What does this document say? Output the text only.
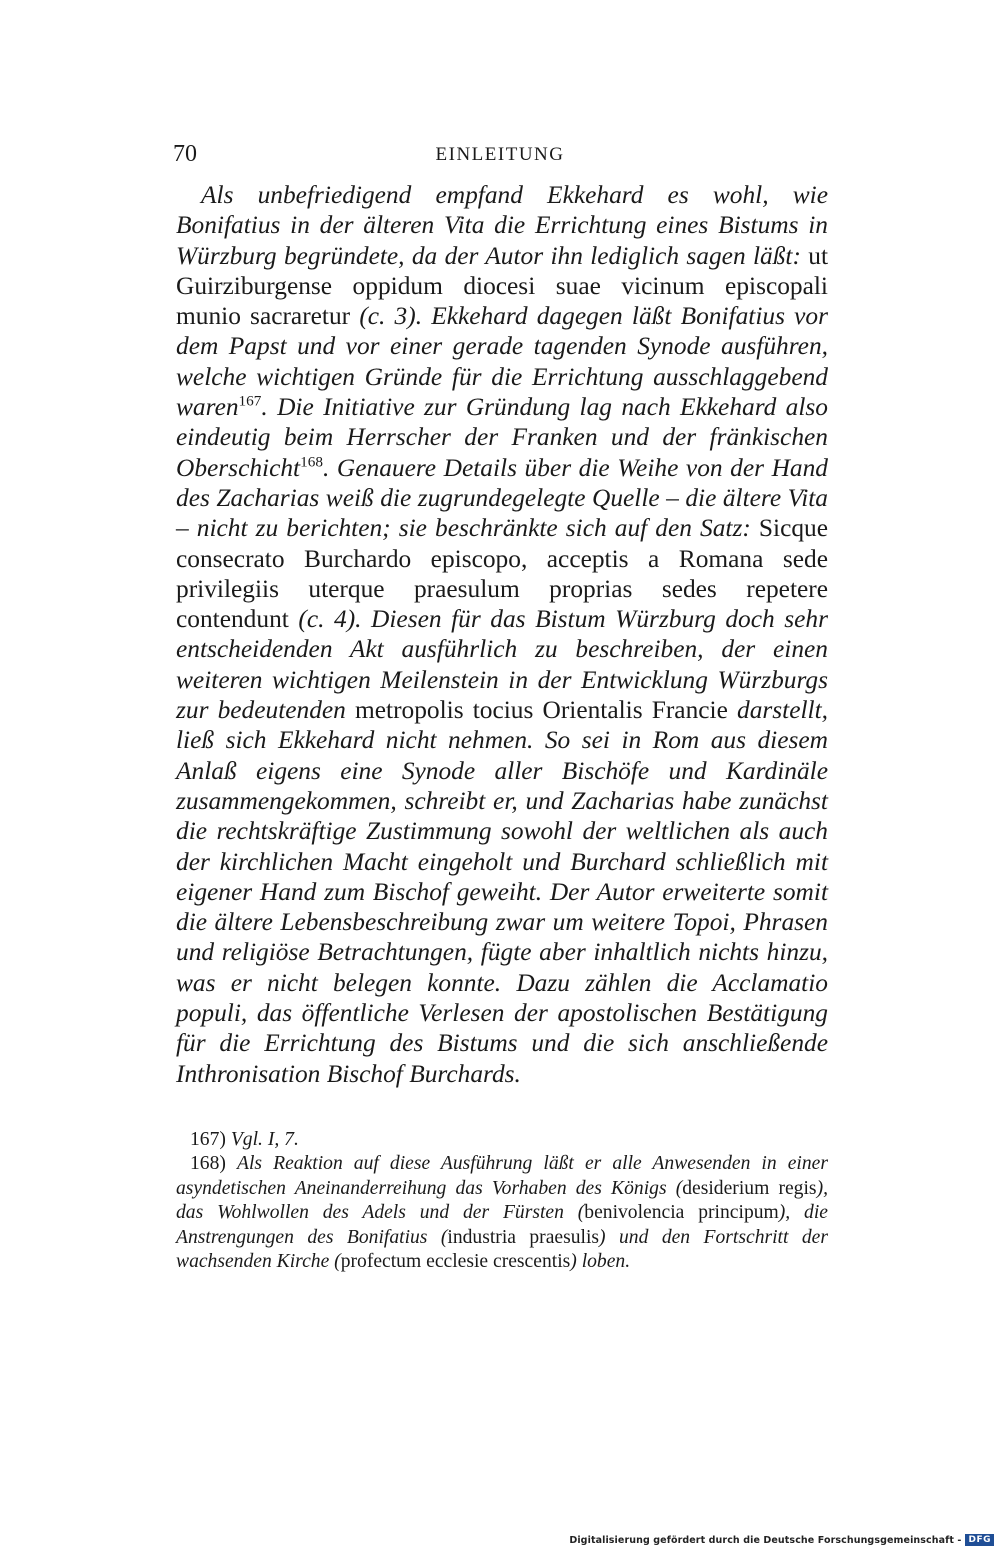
70	EINLEITUNG

Als unbefriedigend empfand Ekkehard es wohl, wie Bonifatius in der älteren Vita die Errichtung eines Bistums in Würzburg begründete, da der Autor ihn lediglich sagen läßt: ut Guirziburgense oppidum diocesi suae vicinum episcopali munio sacraretur (c. 3). Ekkehard dagegen läßt Bonifatius vor dem Papst und vor einer gerade tagenden Synode ausführen, welche wichtigen Gründe für die Errichtung ausschlaggebend waren$^{167}$. Die Initiative zur Gründung lag nach Ekkehard also eindeutig beim Herrscher der Franken und der fränkischen Oberschicht$^{168}$. Genauere Details über die Weihe von der Hand des Zacharias weiß die zugrundegelegte Quelle – die ältere Vita – nicht zu berichten; sie beschränkte sich auf den Satz: Sicque consecrato Burchardo episcopo, acceptis a Romana sede privilegiis uterque praesulum proprias sedes repetere contendunt (c. 4). Diesen für das Bistum Würzburg doch sehr entscheidenden Akt ausführlich zu beschreiben, der einen weiteren wichtigen Meilenstein in der Entwicklung Würzburgs zur bedeutenden metropolis tocius Orientalis Francie darstellt, ließ sich Ekkehard nicht nehmen. So sei in Rom aus diesem Anlaß eigens eine Synode aller Bischöfe und Kardinäle zusammengekommen, schreibt er, und Zacharias habe zunächst die rechtskräftige Zustimmung sowohl der weltlichen als auch der kirchlichen Macht eingeholt und Burchard schließlich mit eigener Hand zum Bischof geweiht. Der Autor erweiterte somit die ältere Lebensbeschreibung zwar um weitere Topoi, Phrasen und religiöse Betrachtungen, fügte aber inhaltlich nichts hinzu, was er nicht belegen konnte. Dazu zählen die Acclamatio populi, das öffentliche Verlesen der apostolischen Bestätigung für die Errichtung des Bistums und die sich anschließende Inthronisation Bischof Burchards.

167) Vgl. I, 7.

168) Als Reaktion auf diese Ausführung läßt er alle Anwesenden in einer asyndetischen Aneinanderreihung das Vorhaben des Königs (desiderium regis), das Wohlwollen des Adels und der Fürsten (benivolencia principum), die Anstrengungen des Bonifatius (industria praesulis) und den Fortschritt der wachsenden Kirche (profectum ecclesie crescentis) loben.

Digitalisierung gefördert durch die Deutsche Forschungsgemeinschaft - DFG
